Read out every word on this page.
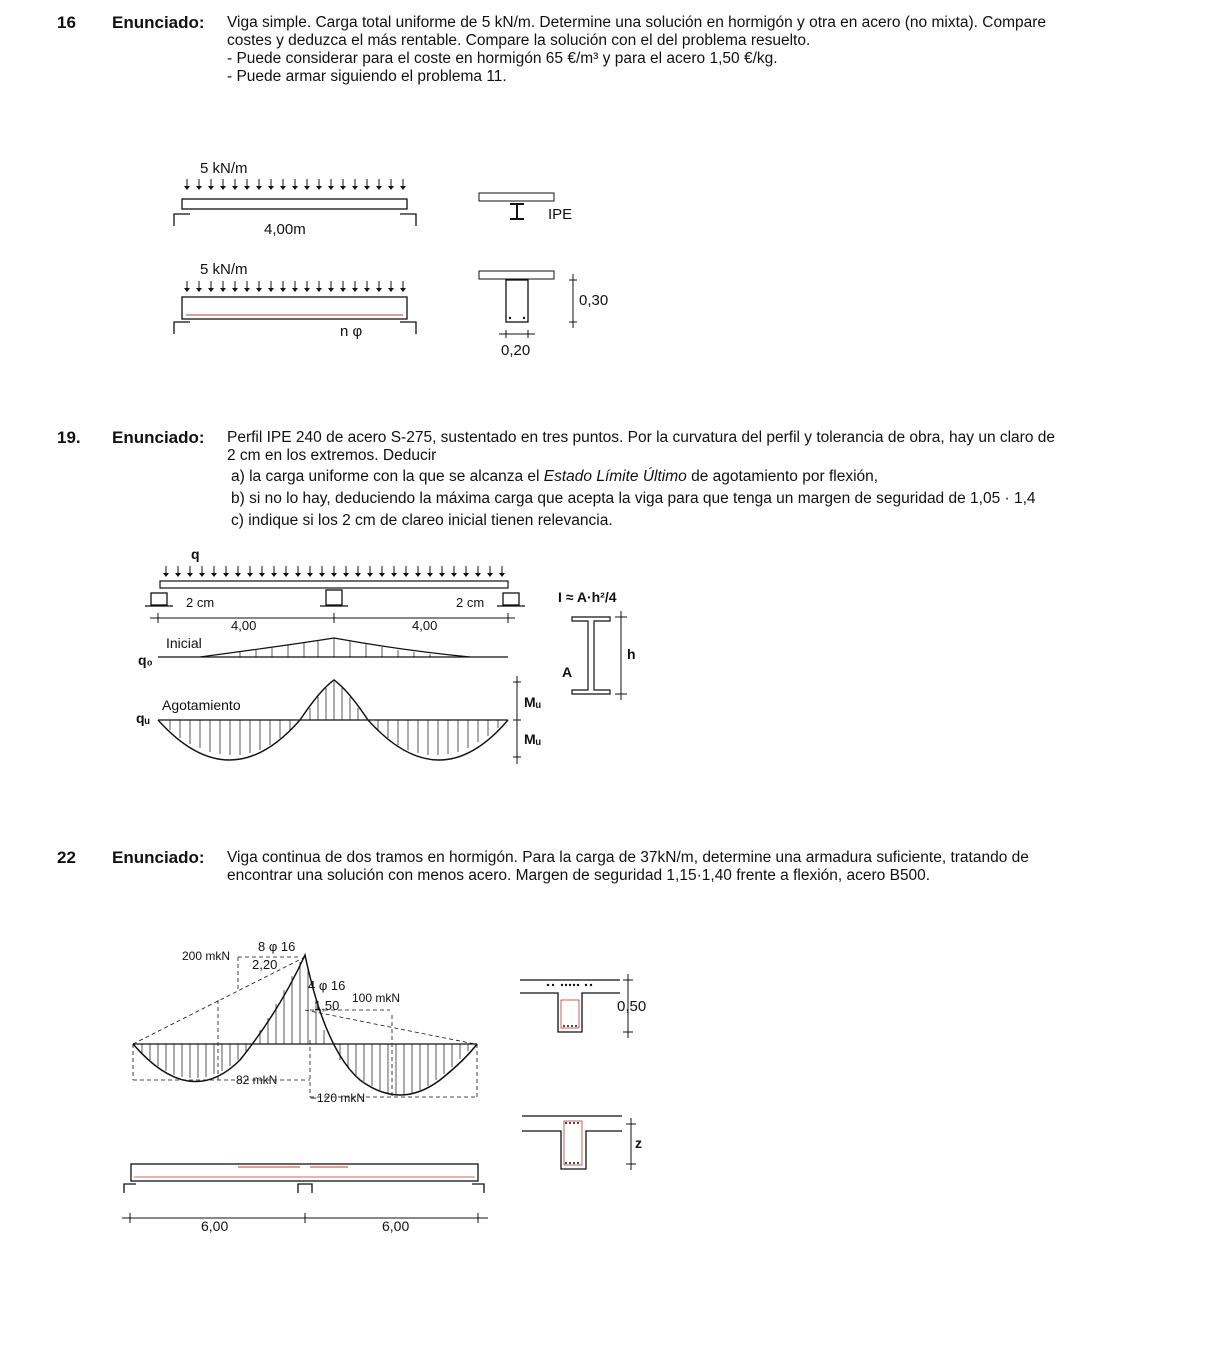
16 Enunciado: Viga simple. Carga total uniforme de 5 kN/m. Determine una solución en hormigón y otra en acero (no mixta). Compare
costes y deduzca el más rentable. Compare la solución con el del problema resuelto.
- Puede considerar para el coste en hormigón 65 €/m³ y para el acero 1,50 €/kg.
- Puede armar siguiendo el problema 11.
5 kN/m
4,00m
IPE
5 kN/m
n φ
0,30
0,20
19. Enunciado: Perfil IPE 240 de acero S-275, sustentado en tres puntos. Por la curvatura del perfil y tolerancia de obra, hay un claro de
2 cm en los extremos. Deducir
a) la carga uniforme con la que se alcanza el Estado Límite Último de agotamiento por flexión,
b) si no lo hay, deduciendo la máxima carga que acepta la viga para que tenga un margen de seguridad de 1,05 · 1,4
c) indique si los 2 cm de clareo inicial tienen relevancia.
q
2 cm	2 cm
4,00	4,00
Inicial
q₀
Agotamiento
qᵤ
Mᵤ
Mᵤ
I ≈ A·h²/4
h
A
22 Enunciado: Viga continua de dos tramos en hormigón. Para la carga de 37kN/m, determine una armadura suficiente, tratando de
encontrar una solución con menos acero. Margen de seguridad 1,15·1,40 frente a flexión, acero B500.
200 mkN
8 φ 16
2,20
4 φ 16
1,50 100 mkN
82 mkN
−120 mkN
0,50
z
6,00	6,00
